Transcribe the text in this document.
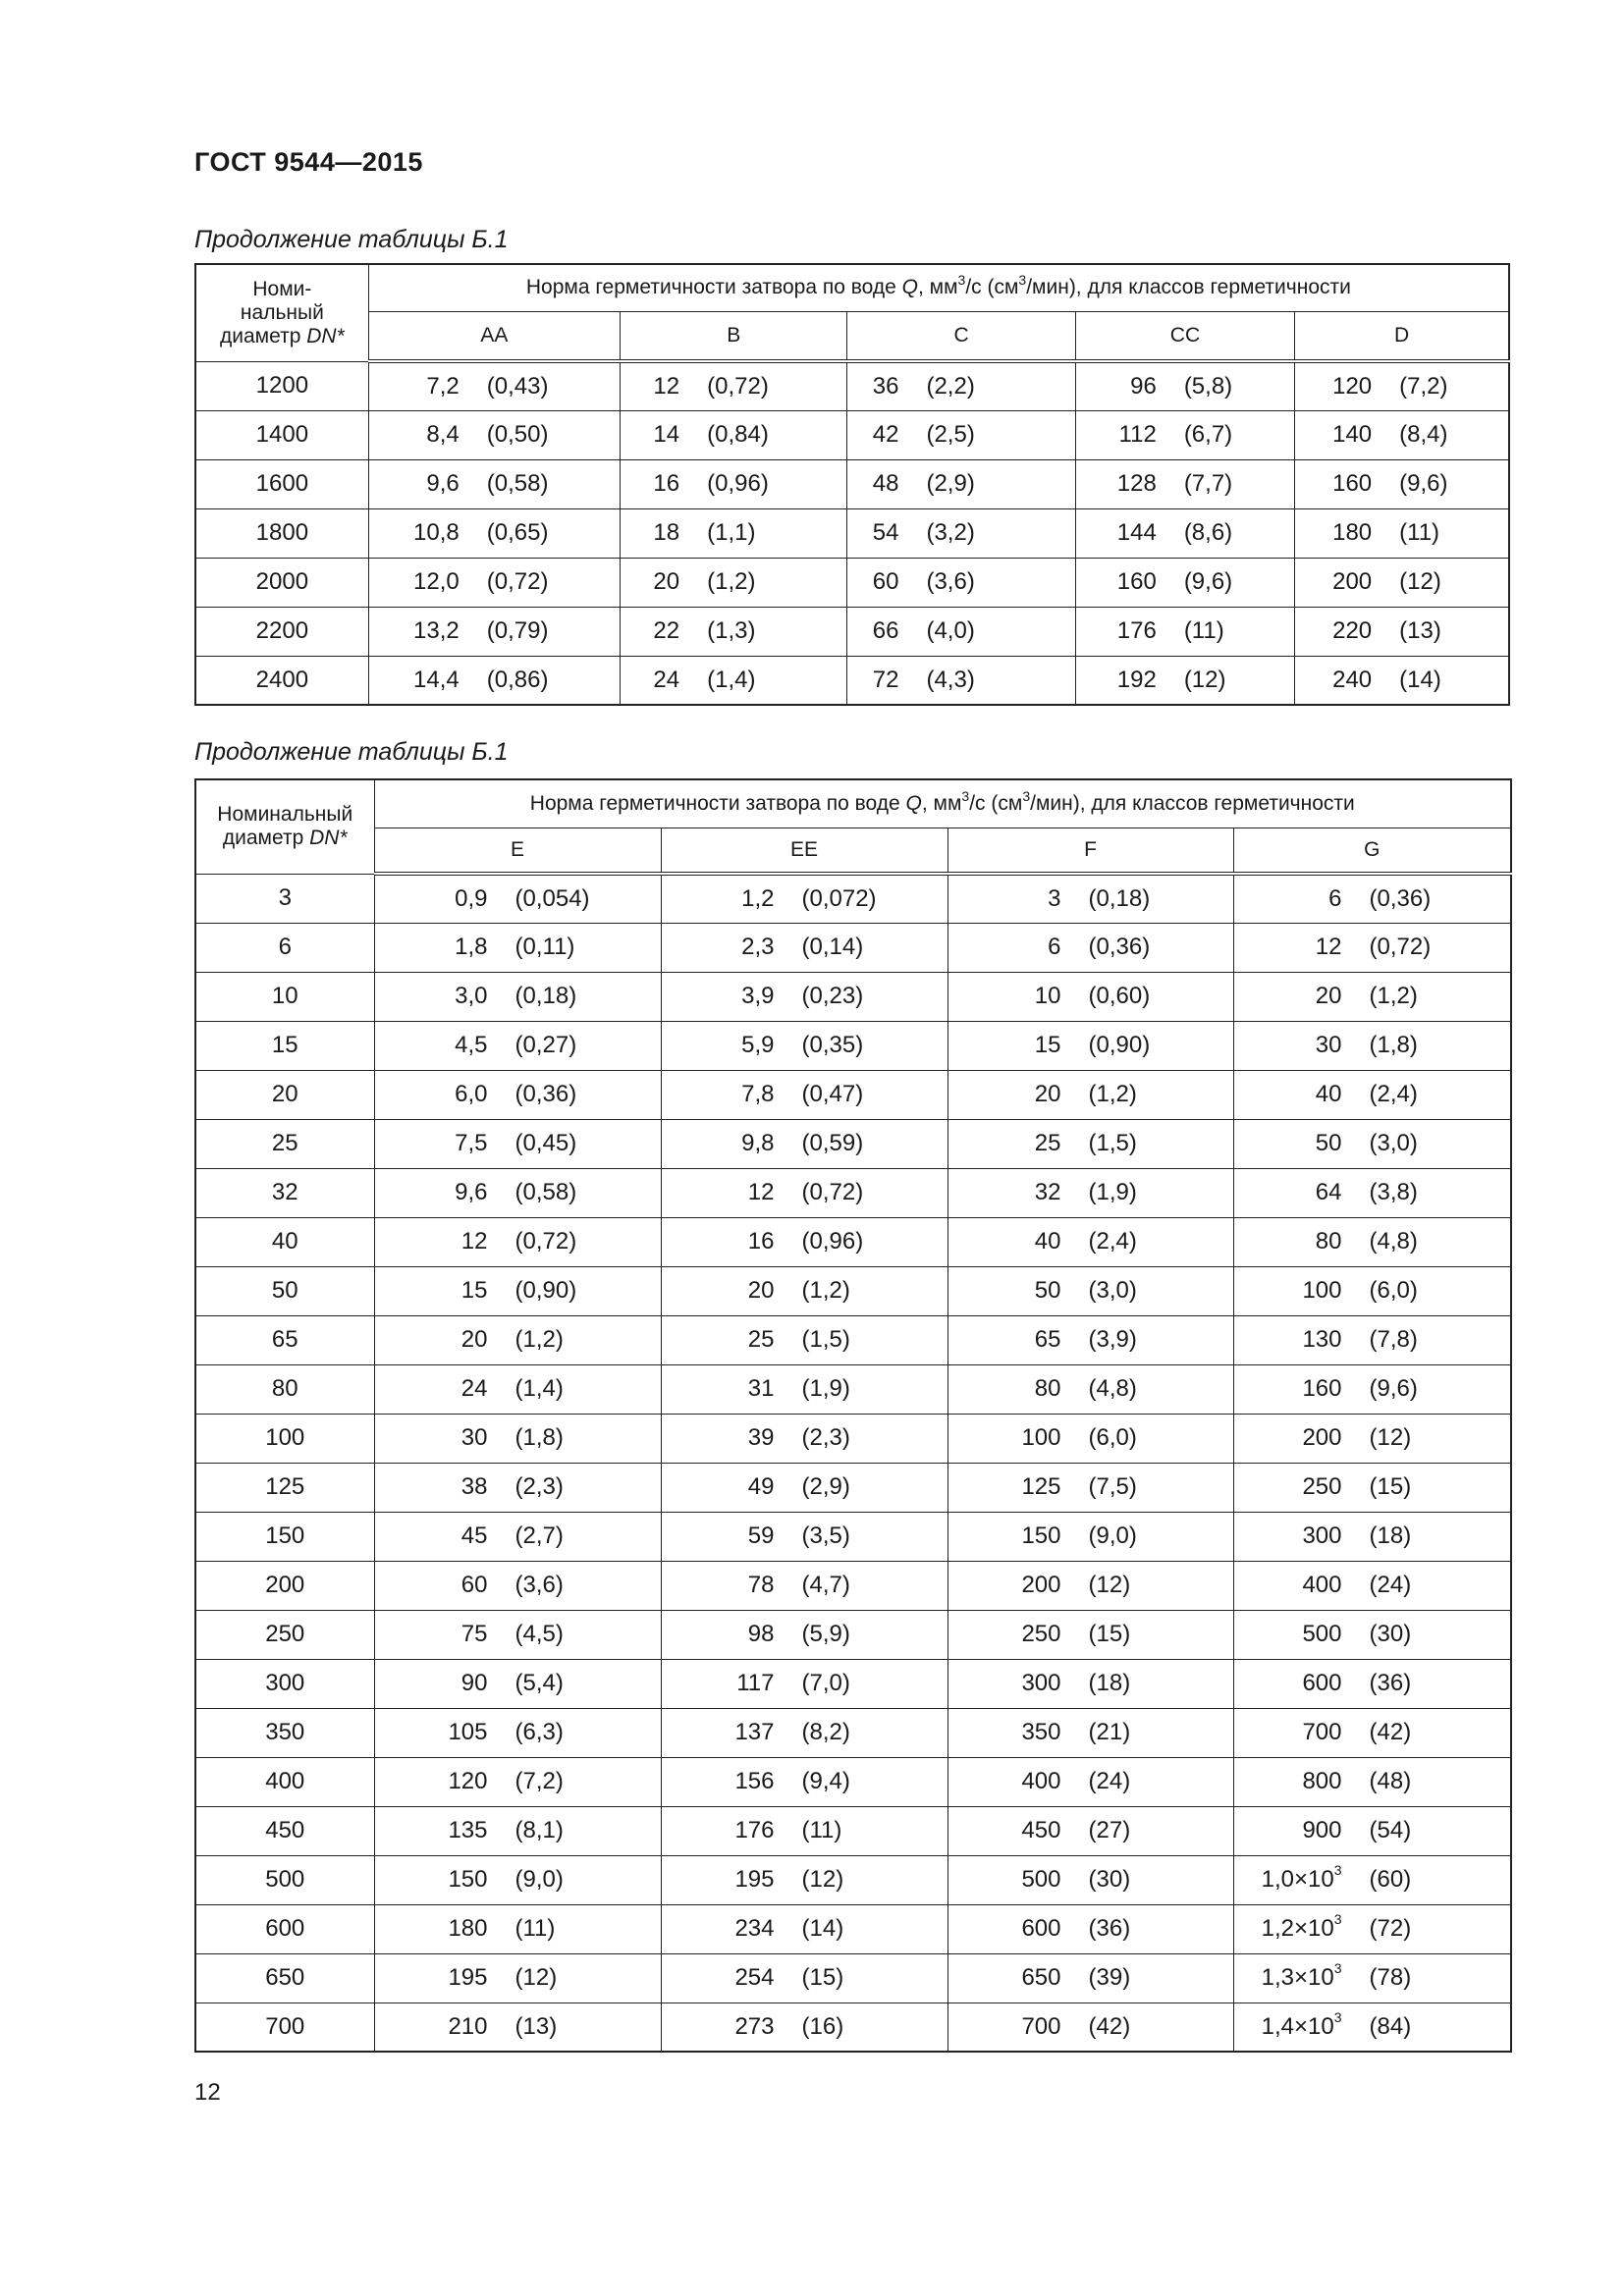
ГОСТ 9544—2015
Продолжение таблицы Б.1
Номи-
нальный
диаметр DN*	Норма герметичности затвора по воде Q, $мм^3/с$ $(см^3/мин)$, для классов герметичности				
	AA	B	C	CC	D
1200	7,2 (0,43)	12 (0,72)	36 (2,2)	96 (5,8)	120 (7,2)

1400	8,4 (0,50)	14 (0,84)	42 (2,5)	112 (6,7)	140 (8,4)

1600	9,6 (0,58)	16 (0,96)	48 (2,9)	128 (7,7)	160 (9,6)

1800	10,8 (0,65)	18 (1,1)	54 (3,2)	144 (8,6)	180 (11)

2000	12,0 (0,72)	20 (1,2)	60 (3,6)	160 (9,6)	200 (12)

2200	13,2 (0,79)	22 (1,3)	66 (4,0)	176 (11)	220 (13)

2400	14,4 (0,86)	24 (1,4)	72 (4,3)	192 (12)	240 (14)
Продолжение таблицы Б.1
Номинальный
диаметр DN*	Норма герметичности затвора по воде Q, $мм^3/с$ $(см^3/мин)$, для классов герметичности			
	E	EE	F	G
3	0,9 (0,054)	1,2 (0,072)	3 (0,18)	6 (0,36)

6	1,8 (0,11)	2,3 (0,14)	6 (0,36)	12 (0,72)

10	3,0 (0,18)	3,9 (0,23)	10 (0,60)	20 (1,2)

15	4,5 (0,27)	5,9 (0,35)	15 (0,90)	30 (1,8)

20	6,0 (0,36)	7,8 (0,47)	20 (1,2)	40 (2,4)

25	7,5 (0,45)	9,8 (0,59)	25 (1,5)	50 (3,0)

32	9,6 (0,58)	12 (0,72)	32 (1,9)	64 (3,8)

40	12 (0,72)	16 (0,96)	40 (2,4)	80 (4,8)

50	15 (0,90)	20 (1,2)	50 (3,0)	100 (6,0)

65	20 (1,2)	25 (1,5)	65 (3,9)	130 (7,8)

80	24 (1,4)	31 (1,9)	80 (4,8)	160 (9,6)

100	30 (1,8)	39 (2,3)	100 (6,0)	200 (12)

125	38 (2,3)	49 (2,9)	125 (7,5)	250 (15)

150	45 (2,7)	59 (3,5)	150 (9,0)	300 (18)

200	60 (3,6)	78 (4,7)	200 (12)	400 (24)

250	75 (4,5)	98 (5,9)	250 (15)	500 (30)

300	90 (5,4)	117 (7,0)	300 (18)	600 (36)

350	105 (6,3)	137 (8,2)	350 (21)	700 (42)

400	120 (7,2)	156 (9,4)	400 (24)	800 (48)

450	135 (8,1)	176 (11)	450 (27)	900 (54)

500	150 (9,0)	195 (12)	500 (30)	$1,0\times 10^3$ (60)

600	180 (11)	234 (14)	600 (36)	$1,2\times 10^3$ (72)

650	195 (12)	254 (15)	650 (39)	$1,3\times 10^3$ (78)

700	210 (13)	273 (16)	700 (42)	$1,4\times 10^3$ (84)
12
